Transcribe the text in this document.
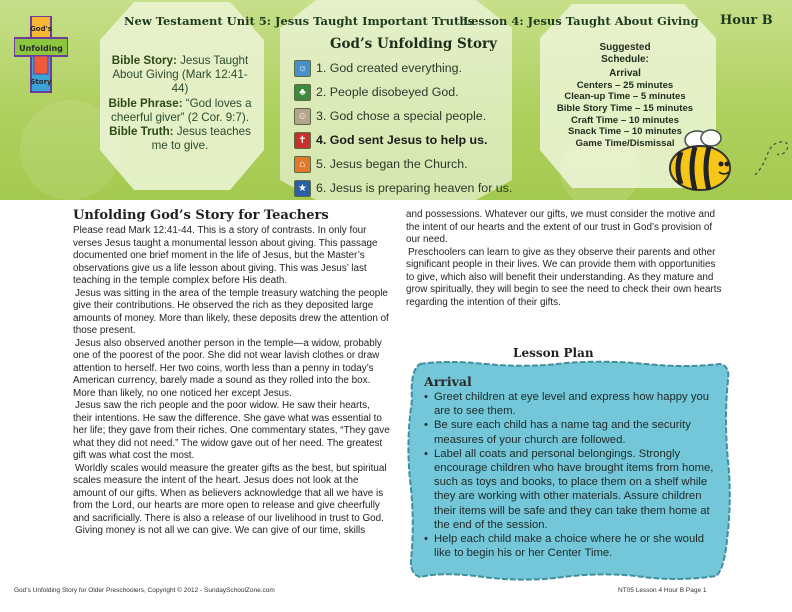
God's
Unfolding
Story
New Testament Unit 5: Jesus Taught Important Truths
Lesson 4: Jesus Taught About Giving Hour B
Bible Story: Jesus Taught About Giving (Mark 12:41-44)
Bible Phrase: “God loves a cheerful giver” (2 Cor. 9:7).
Bible Truth: Jesus teaches me to give.
God’s Unfolding Story
☼ 1. God created everything.
♣ 2. People disobeyed God.
☺ 3. God chose a special people.
✝ 4. God sent Jesus to help us.
⌂ 5. Jesus began the Church.
★ 6. Jesus is preparing heaven for us.
Suggested
Schedule:
Arrival
Centers – 25 minutes
Clean-up Time – 5 minutes
Bible Story Time – 15 minutes
Craft Time – 10 minutes
Snack Time – 10 minutes
Game Time/Dismissal
Unfolding God’s Story for Teachers

Please read Mark 12:41-44. This is a story of contrasts. In only four verses Jesus taught a monumental lesson about giving. This passage documented one brief moment in the life of Jesus, but the Master’s observations give us a life lesson about giving. This was Jesus’ last teaching in the temple complex before His death.

Jesus was sitting in the area of the temple treasury watching the people give their contributions. He observed the rich as they deposited large amounts of money. More than likely, these deposits drew the attention of those present.

Jesus also observed another person in the temple—a widow, probably one of the poorest of the poor. She did not wear lavish clothes or draw attention to herself. Her two coins, worth less than a penny in today’s American currency, barely made a sound as they rolled into the box. More than likely, no one noticed her except Jesus.

Jesus saw the rich people and the poor widow. He saw their hearts, their intentions. He saw the difference. She gave what was essential to her life; they gave from their riches. One commentary states, “They gave what they did not need.” The widow gave out of her need. The greatest gift was what cost the most.

Worldly scales would measure the greater gifts as the best, but spiritual scales measure the intent of the heart. Jesus does not look at the amount of our gifts. When as believers acknowledge that all we have is from the Lord, our hearts are more open to release and give cheerfully and sacrificially. There is also a release of our livelihood in trust to God.

Giving money is not all we can give. We can give of our time, skills

and possessions. Whatever our gifts, we must consider the motive and the intent of our hearts and the extent of our trust in God’s provision of our need.

Preschoolers can learn to give as they observe their parents and other significant people in their lives. We can provide them with opportunities to give, which also will benefit their understanding. As they mature and grow spiritually, they will begin to see the need to check their own hearts regarding the intention of their gifts.

Lesson Plan
Arrival
• Greet children at eye level and express how happy you are to see them.
• Be sure each child has a name tag and the security measures of your church are followed.
• Label all coats and personal belongings. Strongly encourage children who have brought items from home, such as toys and books, to place them on a shelf while they are working with other materials. Assure children their items will be safe and they can take them home at the end of the session.
• Help each child make a choice where he or she would like to begin his or her Center Time.
God’s Unfolding Story for Older Preschoolers, Copyright © 2012 - SundaySchoolZone.com	NT05 Lesson 4 Hour B Page 1
